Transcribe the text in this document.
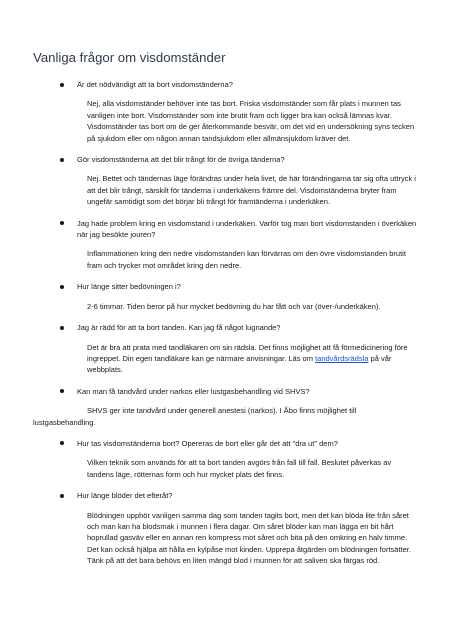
Vanliga frågor om visdomständer
Är det nödvändigt att ta bort visdomständerna?

Nej, alla visdomständer behöver inte tas bort. Friska visdomständer som får plats i munnen tas vanligen inte bort. Visdomständer som inte brutit fram och ligger bra kan också lämnas kvar. Visdomständer tas bort om de ger återkommande besvär, om det vid en undersökning syns tecken på sjukdom eller om någon annan tandsjukdom eller allmänsjukdom kräver det.

Gör visdomständerna att det blir trångt för de övriga tänderna?

Nej. Bettet och tändernas läge förändras under hela livet, de här förändringarna tar sig ofta uttryck i att det blir trångt, särskilt för tänderna i underkäkens främre del. Visdomständerna bryter fram ungefär samtidigt som det börjar bli trångt för framtänderna i underkäken.

Jag hade problem kring en visdomstand i underkäken. Varför tog man bort visdomstanden i överkäken när jag besökte jouren?

Inflammationen kring den nedre visdomstanden kan förvärras om den övre visdomstanden brutit fram och trycker mot området kring den nedre.

Hur länge sitter bedövningen i?

2-6 timmar. Tiden beror på hur mycket bedövning du har fått och var (över-/underkäken).

Jag är rädd för att ta bort tanden. Kan jag få något lugnande?

Det är bra att prata med tandläkaren om sin rädsla. Det finns möjlighet att få förmedicinering före ingreppet. Din egen tandläkare kan ge närmare anvisningar. Läs om tandvårdsrädsla på vår webbplats.

Kan man få tandvård under narkos eller lustgasbehandling vid SHVS?

SHVS ger inte tandvård under generell anestesi (narkos). I Åbo finns möjlighet till lustgasbehandling.

Hur tas visdomständerna bort? Opereras de bort eller går det att "dra ut" dem?

Vilken teknik som används för att ta bort tanden avgörs från fall till fall. Beslutet påverkas av tandens läge, rötternas form och hur mycket plats det finns.

Hur länge blöder det efteråt?

Blödningen upphör vanligen samma dag som tanden tagits bort, men det kan blöda lite från såret och man kan ha blodsmak i munnen i flera dagar. Om såret blöder kan man lägga en bit hårt hoprullad gasväv eller en annan ren kompress mot såret och bita på den omkring en halv timme. Det kan också hjälpa att hålla en kylpåse mot kinden. Upprepa åtgärden om blödningen fortsätter. Tänk på att det bara behövs en liten mängd blod i munnen för att saliven ska färgas röd.
